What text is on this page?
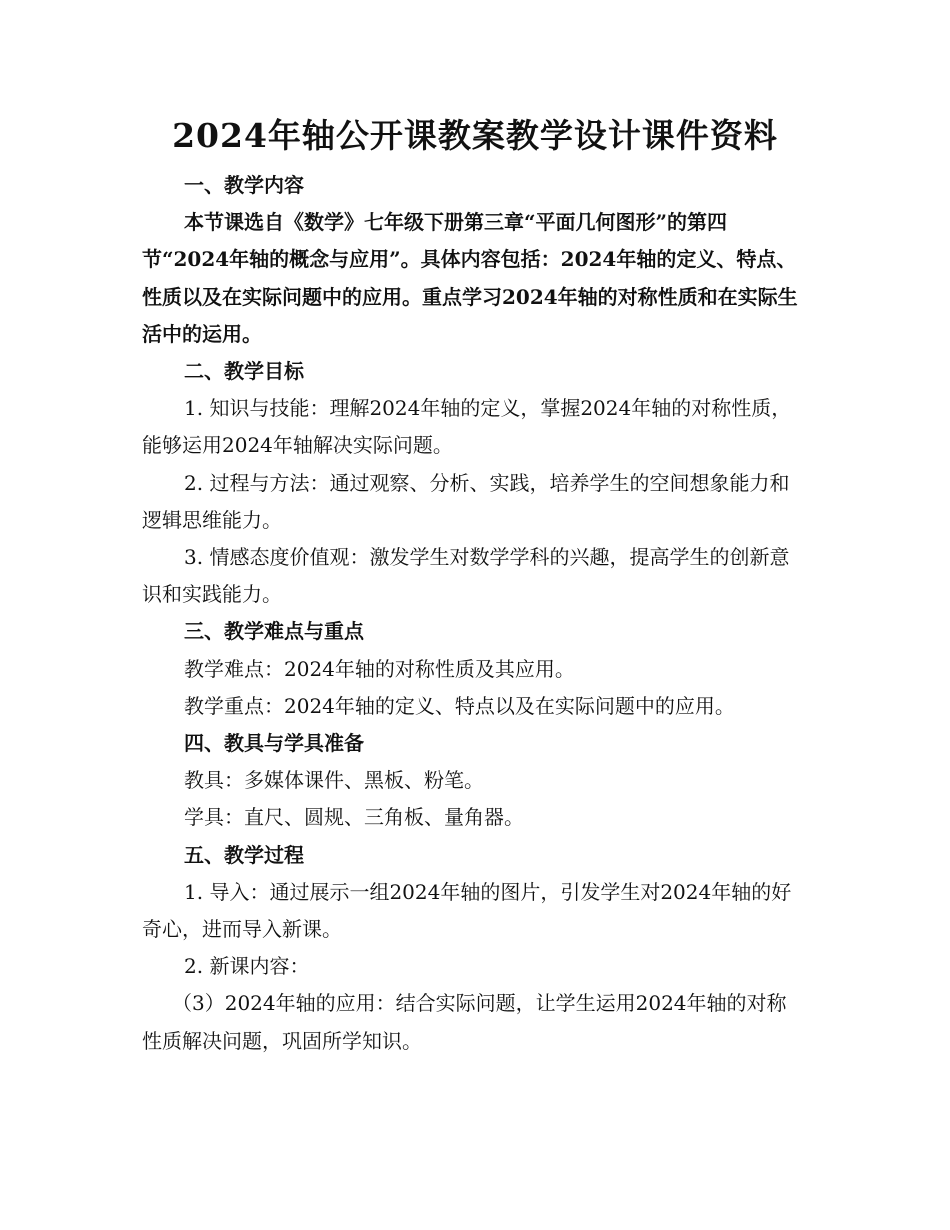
2024年轴公开课教案教学设计课件资料

一、教学内容

本节课选自《数学》七年级下册第三章“平面几何图形”的第四节“2024年轴的概念与应用”。具体内容包括：2024年轴的定义、特点、性质以及在实际问题中的应用。重点学习2024年轴的对称性质和在实际生活中的运用。

二、教学目标

1. 知识与技能：理解2024年轴的定义，掌握2024年轴的对称性质，能够运用2024年轴解决实际问题。

2. 过程与方法：通过观察、分析、实践，培养学生的空间想象能力和逻辑思维能力。

3. 情感态度价值观：激发学生对数学学科的兴趣，提高学生的创新意识和实践能力。

三、教学难点与重点

教学难点：2024年轴的对称性质及其应用。

教学重点：2024年轴的定义、特点以及在实际问题中的应用。

四、教具与学具准备

教具：多媒体课件、黑板、粉笔。

学具：直尺、圆规、三角板、量角器。

五、教学过程

1. 导入：通过展示一组2024年轴的图片，引发学生对2024年轴的好奇心，进而导入新课。

2. 新课内容：

（3）2024年轴的应用：结合实际问题，让学生运用2024年轴的对称性质解决问题，巩固所学知识。
